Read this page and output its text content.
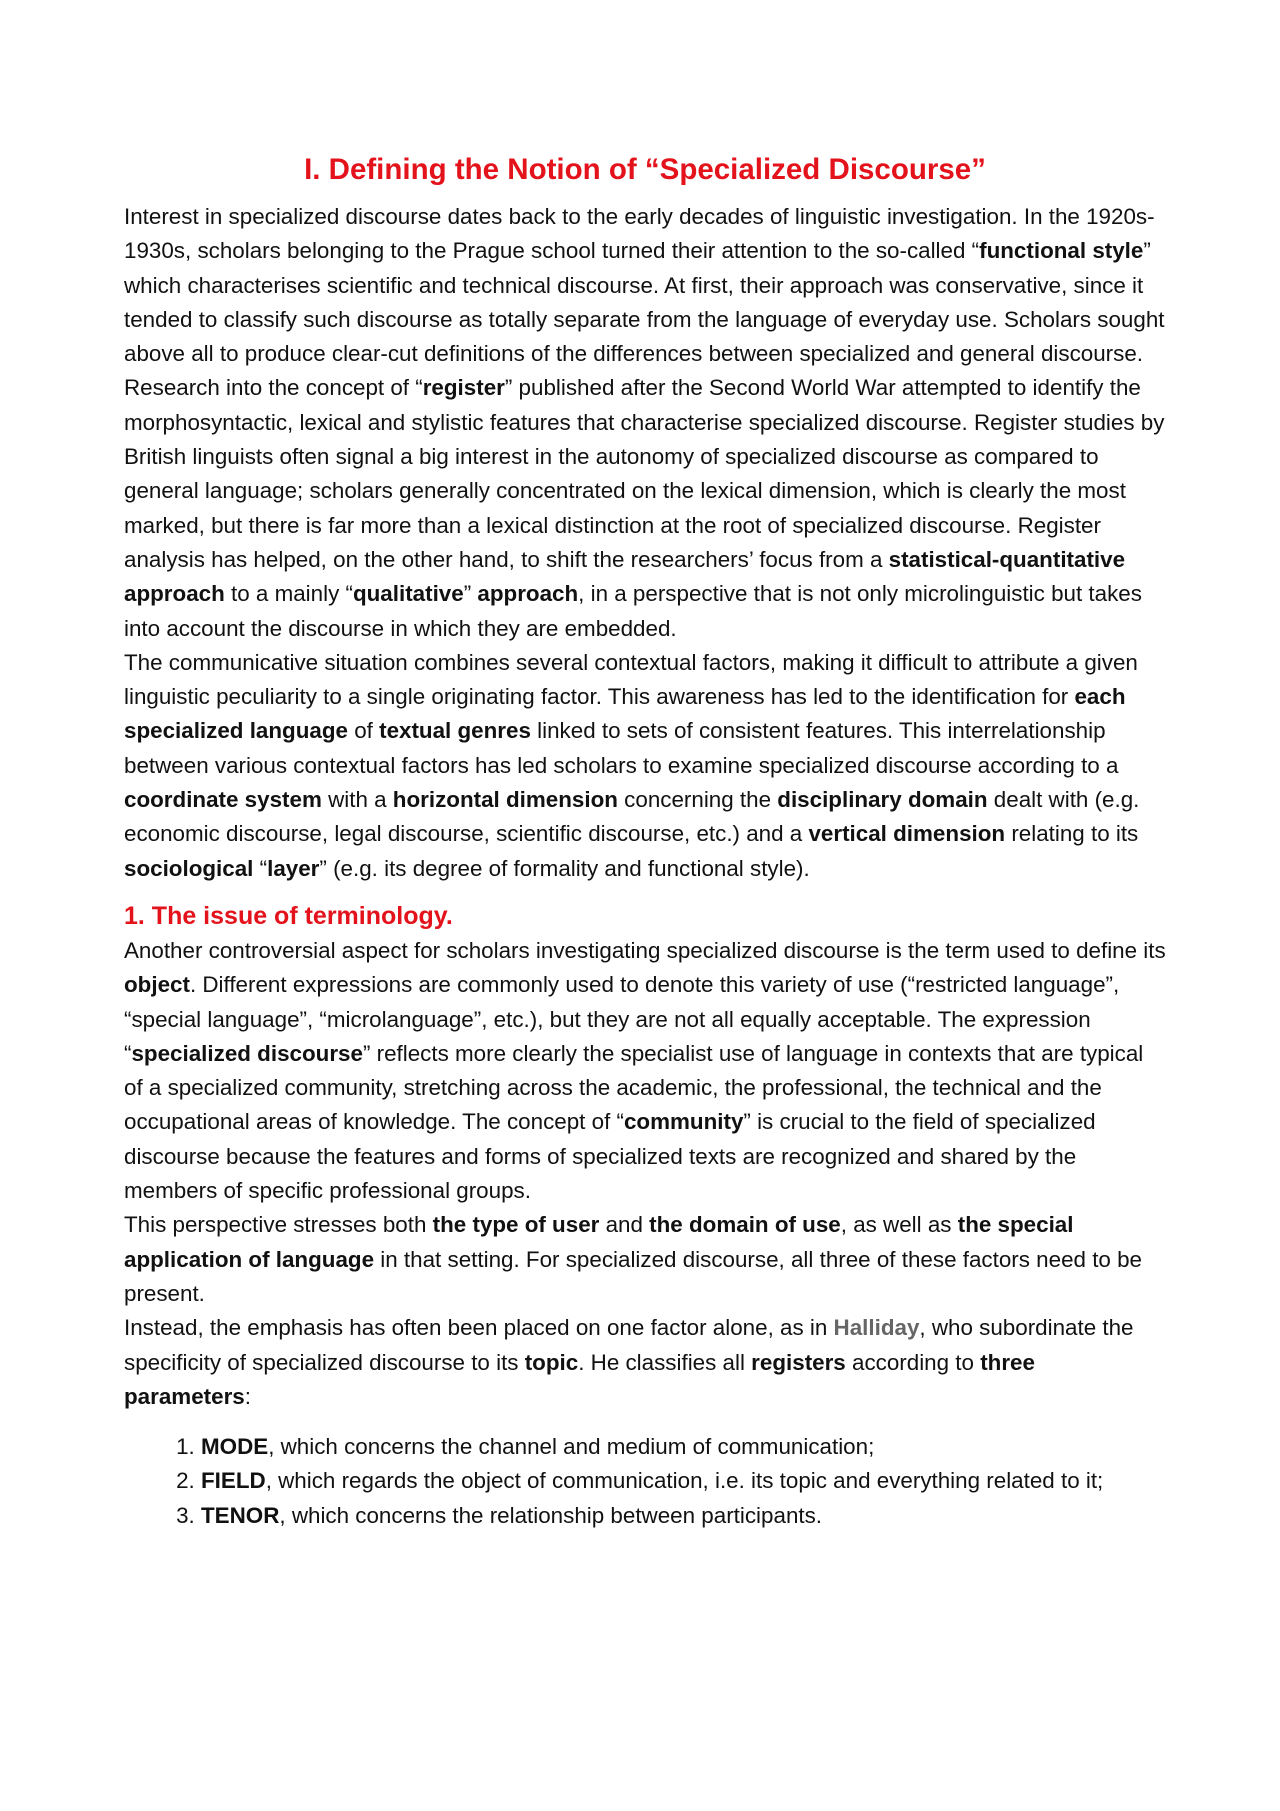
I. Defining the Notion of “Specialized Discourse”

Interest in specialized discourse dates back to the early decades of linguistic investigation. In the 1920s-1930s, scholars belonging to the Prague school turned their attention to the so-called “functional style” which characterises scientific and technical discourse. At first, their approach was conservative, since it tended to classify such discourse as totally separate from the language of everyday use. Scholars sought above all to produce clear-cut definitions of the differences between specialized and general discourse.

Research into the concept of “register” published after the Second World War attempted to identify the morphosyntactic, lexical and stylistic features that characterise specialized discourse. Register studies by British linguists often signal a big interest in the autonomy of specialized discourse as compared to general language; scholars generally concentrated on the lexical dimension, which is clearly the most marked, but there is far more than a lexical distinction at the root of specialized discourse. Register analysis has helped, on the other hand, to shift the researchers’ focus from a statistical-quantitative approach to a mainly “qualitative” approach, in a perspective that is not only microlinguistic but takes into account the discourse in which they are embedded.

The communicative situation combines several contextual factors, making it difficult to attribute a given linguistic peculiarity to a single originating factor. This awareness has led to the identification for each specialized language of textual genres linked to sets of consistent features. This interrelationship between various contextual factors has led scholars to examine specialized discourse according to a coordinate system with a horizontal dimension concerning the disciplinary domain dealt with (e.g. economic discourse, legal discourse, scientific discourse, etc.) and a vertical dimension relating to its sociological “layer” (e.g. its degree of formality and functional style).

1. The issue of terminology.

Another controversial aspect for scholars investigating specialized discourse is the term used to define its object. Different expressions are commonly used to denote this variety of use (“restricted language”, “special language”, “microlanguage”, etc.), but they are not all equally acceptable. The expression “specialized discourse” reflects more clearly the specialist use of language in contexts that are typical of a specialized community, stretching across the academic, the professional, the technical and the occupational areas of knowledge. The concept of “community” is crucial to the field of specialized discourse because the features and forms of specialized texts are recognized and shared by the members of specific professional groups.

This perspective stresses both the type of user and the domain of use, as well as the special application of language in that setting. For specialized discourse, all three of these factors need to be present.

Instead, the emphasis has often been placed on one factor alone, as in Halliday, who subordinate the specificity of specialized discourse to its topic. He classifies all registers according to three parameters:

1. MODE, which concerns the channel and medium of communication;
2. FIELD, which regards the object of communication, i.e. its topic and everything related to it;
3. TENOR, which concerns the relationship between participants.
